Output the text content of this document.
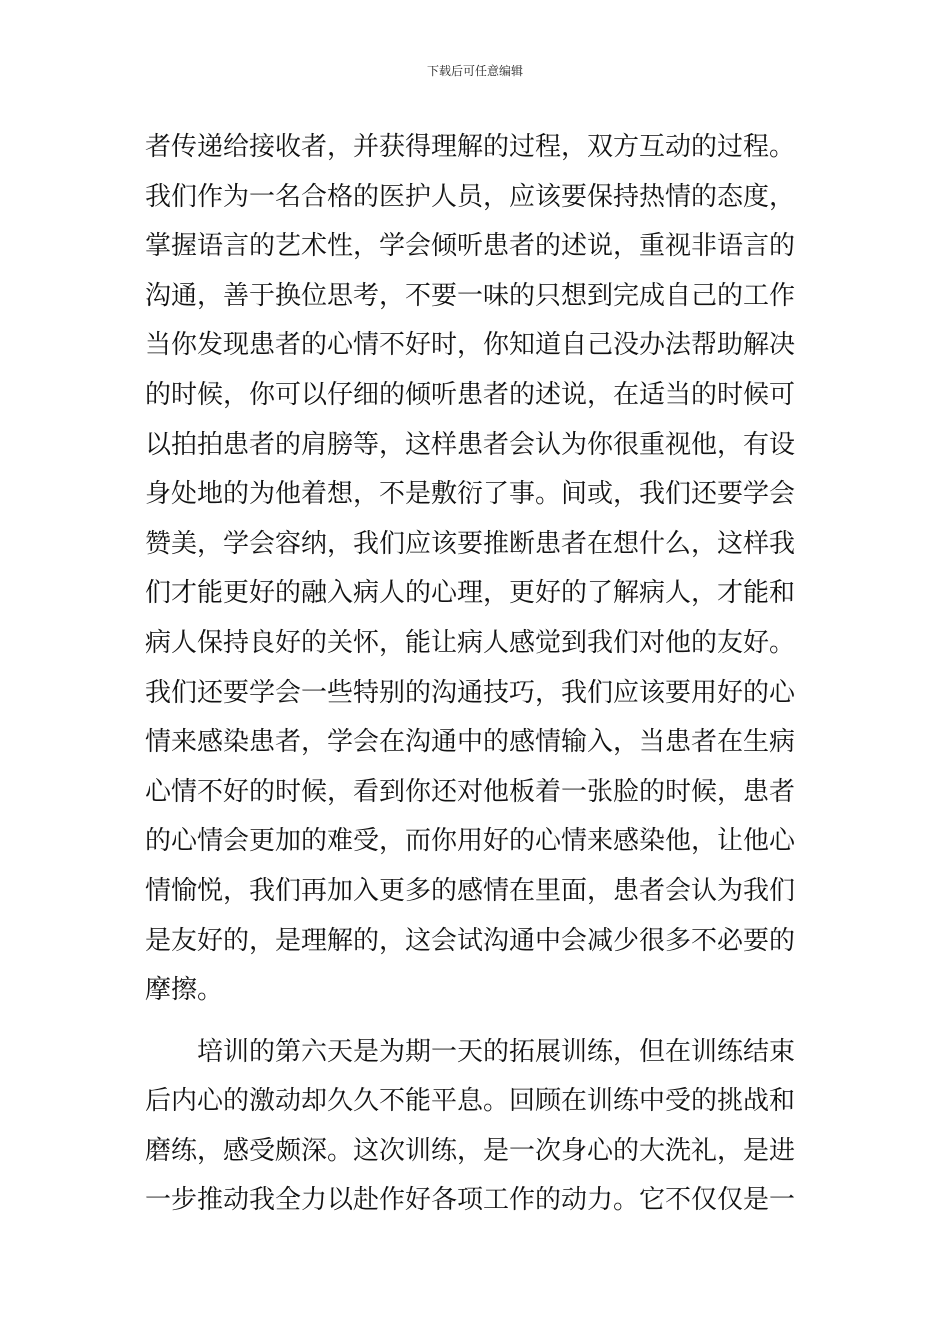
下载后可任意编辑
者传递给接收者，并获得理解的过程，双方互动的过程。
我们作为一名合格的医护人员，应该要保持热情的态度，
掌握语言的艺术性，学会倾听患者的述说，重视非语言的
沟通，善于换位思考，不要一味的只想到完成自己的工作
当你发现患者的心情不好时，你知道自己没办法帮助解决
的时候，你可以仔细的倾听患者的述说，在适当的时候可
以拍拍患者的肩膀等，这样患者会认为你很重视他，有设
身处地的为他着想，不是敷衍了事。间或，我们还要学会
赞美，学会容纳，我们应该要推断患者在想什么，这样我
们才能更好的融入病人的心理，更好的了解病人，才能和
病人保持良好的关怀，能让病人感觉到我们对他的友好。
我们还要学会一些特别的沟通技巧，我们应该要用好的心
情来感染患者，学会在沟通中的感情输入，当患者在生病
心情不好的时候，看到你还对他板着一张脸的时候，患者
的心情会更加的难受，而你用好的心情来感染他，让他心
情愉悦，我们再加入更多的感情在里面，患者会认为我们
是友好的，是理解的，这会试沟通中会减少很多不必要的
摩擦。
培训的第六天是为期一天的拓展训练，但在训练结束
后内心的激动却久久不能平息。回顾在训练中受的挑战和
磨练，感受颇深。这次训练，是一次身心的大洗礼，是进
一步推动我全力以赴作好各项工作的动力。它不仅仅是一
